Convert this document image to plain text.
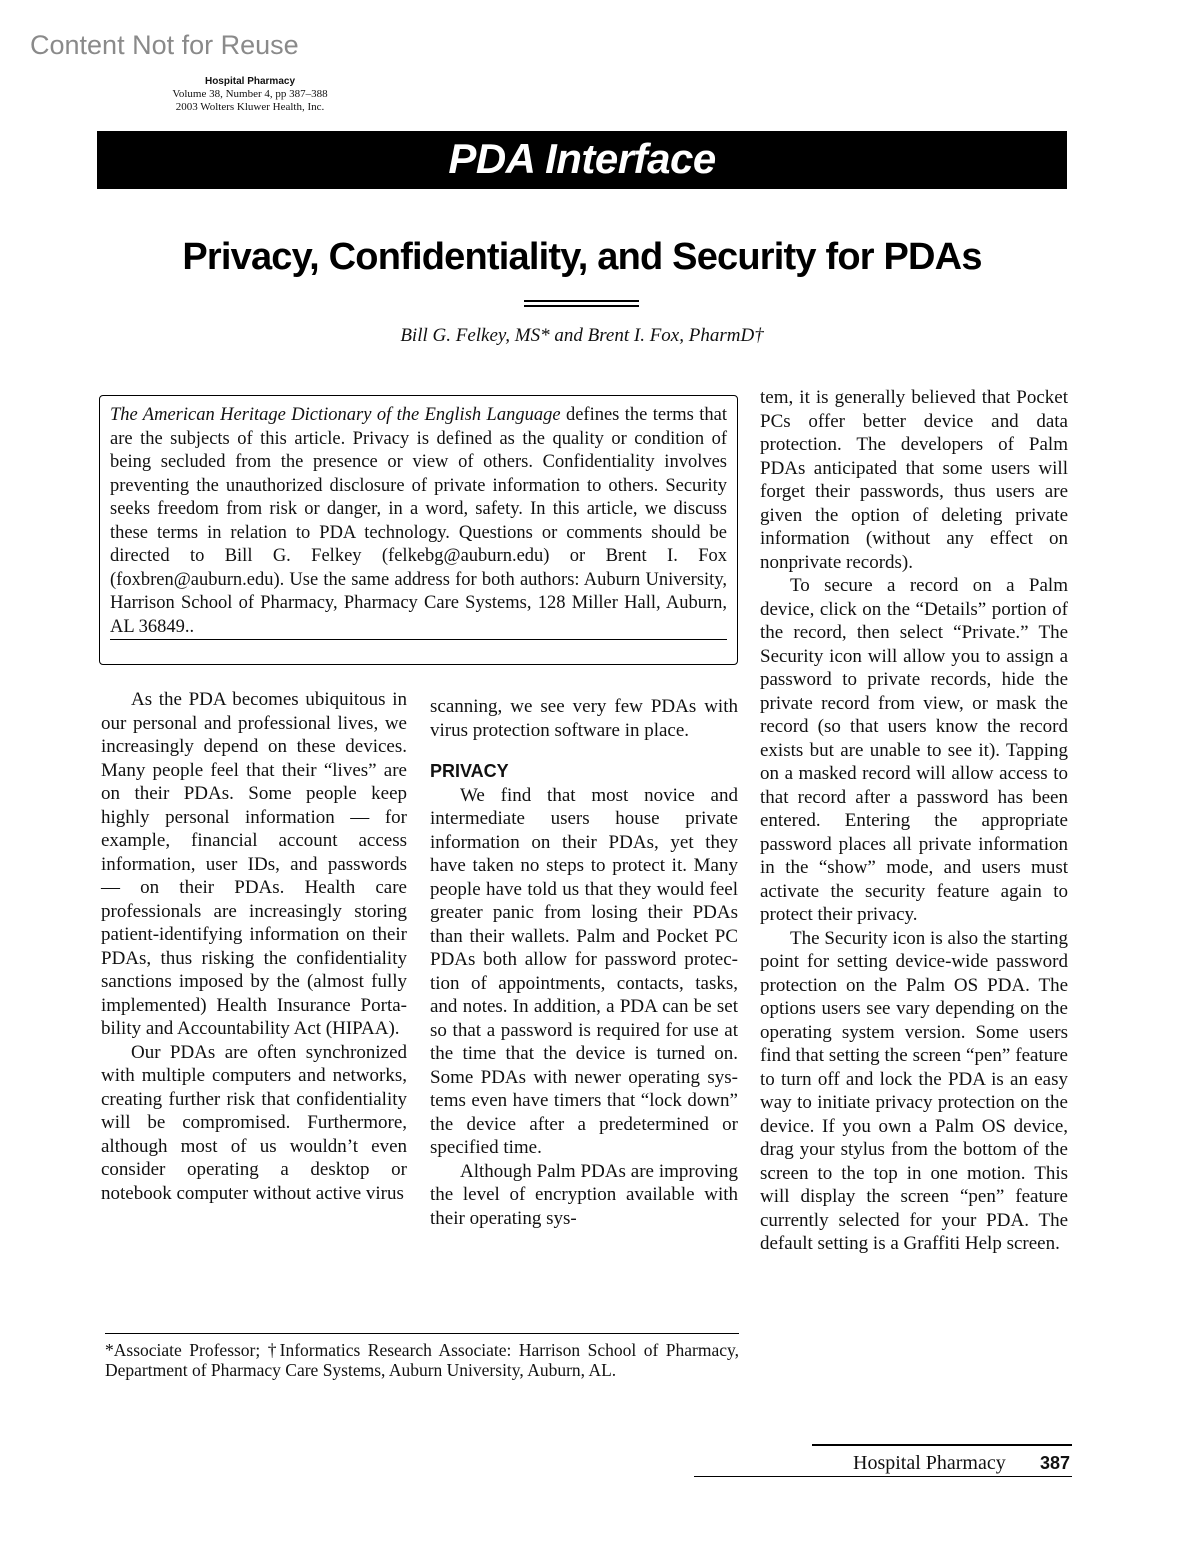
Content Not for Reuse
Hospital Pharmacy
Volume 38, Number 4, pp 387–388
2003 Wolters Kluwer Health, Inc.
PDA Interface
Privacy, Confidentiality, and Security for PDAs
Bill G. Felkey, MS* and Brent I. Fox, PharmD†

The American Heritage Dictionary of the English Language defines the terms that are the subjects of this article. Privacy is defined as the quality or condition of being secluded from the presence or view of others. Confidentiality involves preventing the unauthorized disclosure of private information to others. Security seeks freedom from risk or danger, in a word, safety. In this article, we discuss these terms in relation to PDA technology. Questions or comments should be directed to Bill G. Felkey (felkebg@auburn.edu) or Brent I. Fox (foxbren@auburn.edu). Use the same address for both authors: Auburn University, Harrison School of Pharmacy, Pharmacy Care Systems, 128 Miller Hall, Auburn, AL 36849..

As the PDA becomes ubiquitous in our personal and professional lives, we increasingly depend on these devices. Many people feel that their “lives” are on their PDAs. Some people keep highly personal information — for example, financial account access information, user IDs, and passwords — on their PDAs. Health care professionals are increasingly storing patient-identifying information on their PDAs, thus risking the confidentiality sanctions imposed by the (almost fully implemented) Health Insurance Portability and Accountability Act (HIPAA).

Our PDAs are often synchronized with multiple computers and networks, creating further risk that confidentiality will be compromised. Furthermore, although most of us wouldn’t even consider operating a desktop or notebook computer without active virus

scanning, we see very few PDAs with virus protection software in place.

PRIVACY

We find that most novice and intermediate users house private information on their PDAs, yet they have taken no steps to protect it. Many people have told us that they would feel greater panic from losing their PDAs than their wallets. Palm and Pocket PC PDAs both allow for password protection of appointments, contacts, tasks, and notes. In addition, a PDA can be set so that a password is required for use at the time that the device is turned on. Some PDAs with newer operating systems even have timers that “lock down” the device after a predetermined or specified time.

Although Palm PDAs are improving the level of encryption available with their operating sys-

tem, it is generally believed that Pocket PCs offer better device and data protection. The developers of Palm PDAs anticipated that some users will forget their passwords, thus users are given the option of deleting private information (without any effect on nonprivate records).

To secure a record on a Palm device, click on the “Details” portion of the record, then select “Private.” The Security icon will allow you to assign a password to private records, hide the private record from view, or mask the record (so that users know the record exists but are unable to see it). Tapping on a masked record will allow access to that record after a password has been entered. Entering the appropriate password places all private information in the “show” mode, and users must activate the security feature again to protect their privacy.

The Security icon is also the starting point for setting device-wide password protection on the Palm OS PDA. The options users see vary depending on the operating system version. Some users find that setting the screen “pen” feature to turn off and lock the PDA is an easy way to initiate privacy protection on the device. If you own a Palm OS device, drag your stylus from the bottom of the screen to the top in one motion. This will display the screen “pen” feature currently selected for your PDA. The default setting is a Graffiti Help screen.

*Associate Professor; †Informatics Research Associate: Harrison School of Pharmacy, Department of Pharmacy Care Systems, Auburn University, Auburn, AL.
Hospital Pharmacy 387
